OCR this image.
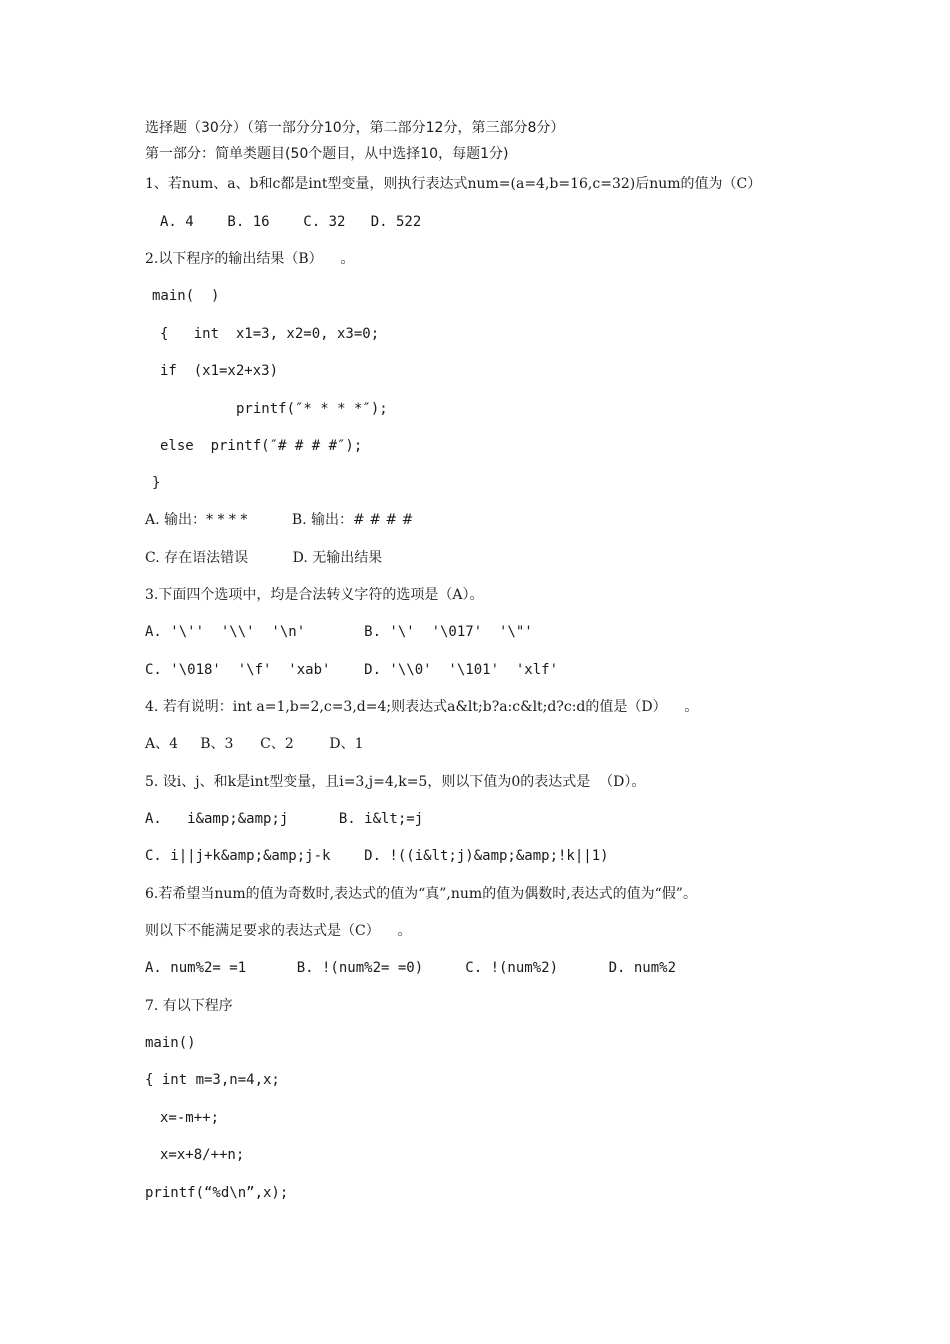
选择题（30分）（第一部分分10分，第二部分12分，第三部分8分）
第一部分：简单类题目(50个题目，从中选择10，每题1分)
1、若num、a、b和c都是int型变量，则执行表达式num=(a=4,b=16,c=32)后num的值为（C）
A. 4    B. 16    C. 32   D. 522
2.以下程序的输出结果（B）    。
main(  )
{   int  x1=3, x2=0, x3=0;
if  (x1=x2+x3)
printf(″* * * *″);
else  printf(″# # # #″);
}
A. 输出：* * * *          B. 输出：# # # #
C. 存在语法错误          D. 无输出结果
3.下面四个选项中，均是合法转义字符的选项是（A）。
A. '\''  '\\'  '\n'       B. '\'  '\017'  '\"'
C. '\018'  '\f'  'xab'    D. '\\0'  '\101'  'xlf'
4. 若有说明：int a=1,b=2,c=3,d=4;则表达式a&lt;b?a:c&lt;d?c:d的值是（D）    。
A、4     B、3      C、2        D、1
5. 设i、j、和k是int型变量，且i=3,j=4,k=5，则以下值为0的表达式是  （D）。
A.   i&amp;&amp;j      B. i&lt;=j
C. i||j+k&amp;&amp;j-k    D. !((i&lt;j)&amp;&amp;!k||1)
6.若希望当num的值为奇数时,表达式的值为“真”,num的值为偶数时,表达式的值为“假”。
则以下不能满足要求的表达式是（C）    。
A. num%2= =1      B. !(num%2= =0)     C. !(num%2)      D. num%2
7. 有以下程序
main()
{ int m=3,n=4,x;
x=-m++;
x=x+8/++n;
printf(“%d\n”,x);
